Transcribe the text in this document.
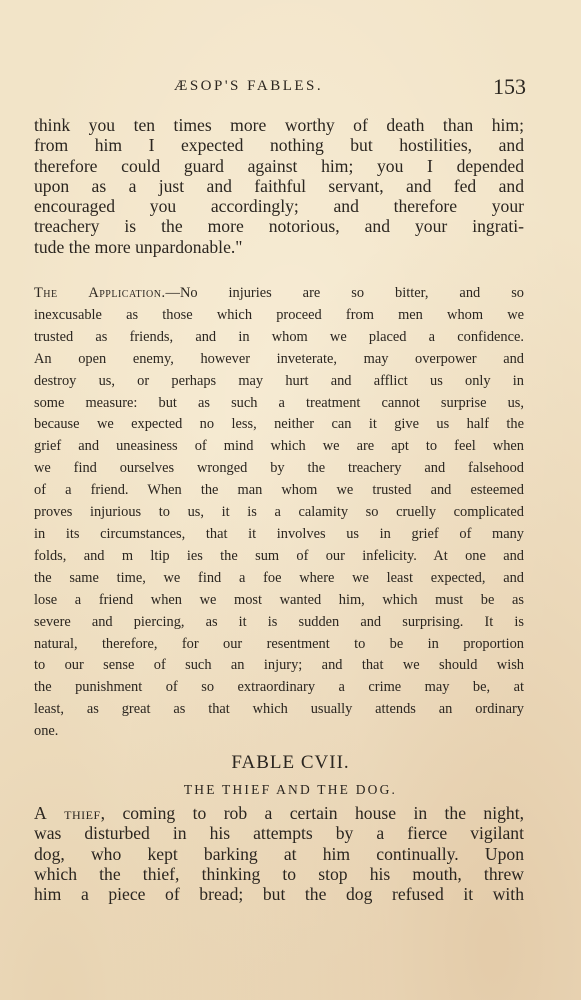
ÆSOP'S FABLES.	153
think you ten times more worthy of death than him;
from him I expected nothing but hostilities, and
therefore could guard against him; you I depended
upon as a just and faithful servant, and fed and
encouraged you accordingly; and therefore your
treachery is the more notorious, and your ingrati-
tude the more unpardonable."
The Application.—No injuries are so bitter, and so
inexcusable as those which proceed from men whom we
trusted as friends, and in whom we placed a confidence.
An open enemy, however inveterate, may overpower and
destroy us, or perhaps may hurt and afflict us only in
some measure: but as such a treatment cannot surprise us,
because we expected no less, neither can it give us half the
grief and uneasiness of mind which we are apt to feel when
we find ourselves wronged by the treachery and falsehood
of a friend. When the man whom we trusted and esteemed
proves injurious to us, it is a calamity so cruelly complicated
in its circumstances, that it involves us in grief of many
folds, and m ltip ies the sum of our infelicity. At one and
the same time, we find a foe where we least expected, and
lose a friend when we most wanted him, which must be as
severe and piercing, as it is sudden and surprising. It is
natural, therefore, for our resentment to be in proportion
to our sense of such an injury; and that we should wish
the punishment of so extraordinary a crime may be, at
least, as great as that which usually attends an ordinary
one.
FABLE CVII.
THE THIEF AND THE DOG.
A thief, coming to rob a certain house in the night,
was disturbed in his attempts by a fierce vigilant
dog, who kept barking at him continually. Upon
which the thief, thinking to stop his mouth, threw
him a piece of bread; but the dog refused it with
